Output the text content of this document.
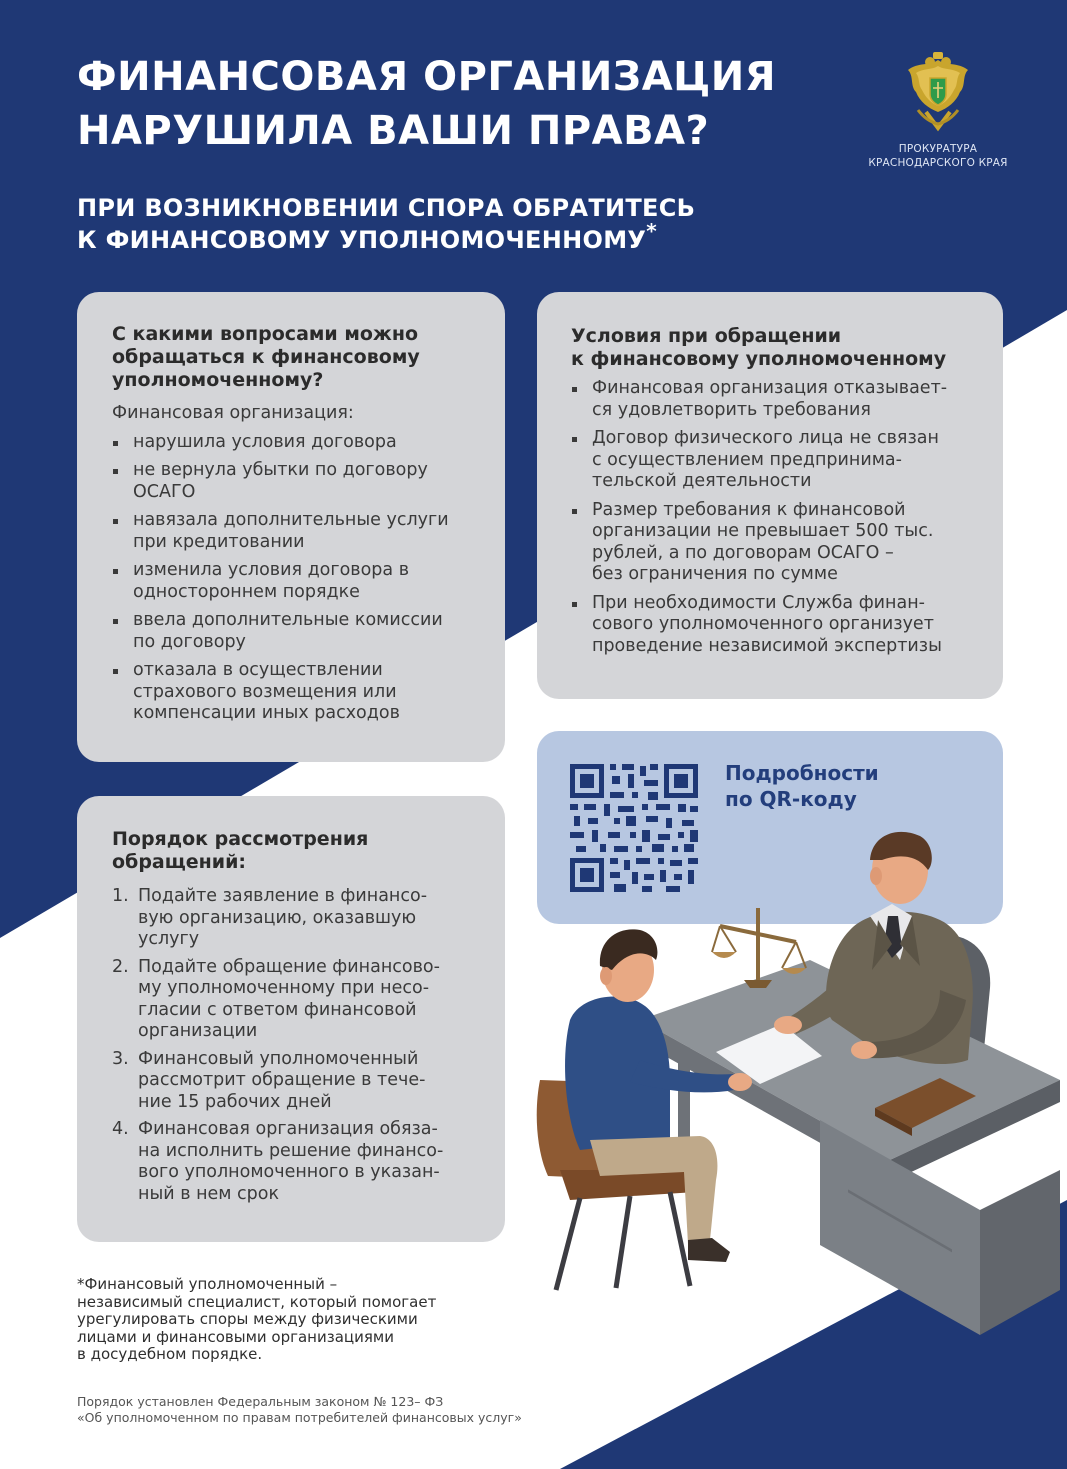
ФИНАНСОВАЯ ОРГАНИЗАЦИЯ
НАРУШИЛА ВАШИ ПРАВА?
ПРИ ВОЗНИКНОВЕНИИ СПОРА ОБРАТИТЕСЬ
К ФИНАНСОВОМУ УПОЛНОМОЧЕННОМУ*
ПРОКУРАТУРА
КРАСНОДАРСКОГО КРАЯ
С какими вопросами можно
обращаться к финансовому
уполномоченному?
Финансовая организация:
нарушила условия договора
не вернула убытки по договору
ОСАГО
навязала дополнительные услуги
при кредитовании
изменила условия договора в
одностороннем порядке
ввела дополнительные комиссии
по договору
отказала в осуществлении
страхового возмещения или
компенсации иных расходов
Условия при обращении
к финансовому уполномоченному
Финансовая организация отказывает-
ся удовлетворить требования
Договор физического лица не связан
с осуществлением предпринима-
тельской деятельности
Размер требования к финансовой
организации не превышает 500 тыс.
рублей, а по договорам ОСАГО –
без ограничения по сумме
При необходимости Служба финан-
сового уполномоченного организует
проведение независимой экспертизы
Порядок рассмотрения
обращений:
1. Подайте заявление в финансо-
вую организацию, оказавшую
услугу
2. Подайте обращение финансово-
му уполномоченному при несо-
гласии с ответом финансовой
организации
3. Финансовый уполномоченный
рассмотрит обращение в тече-
ние 15 рабочих дней
4. Финансовая организация обяза-
на исполнить решение финансо-
вого уполномоченного в указан-
ный в нем срок
Подробности
по QR-коду
*Финансовый уполномоченный –
независимый специалист, который помогает
урегулировать споры между физическими
лицами и финансовыми организациями
в досудебном порядке.
Порядок установлен Федеральным законом № 123– ФЗ
«Об уполномоченном по правам потребителей финансовых услуг»
